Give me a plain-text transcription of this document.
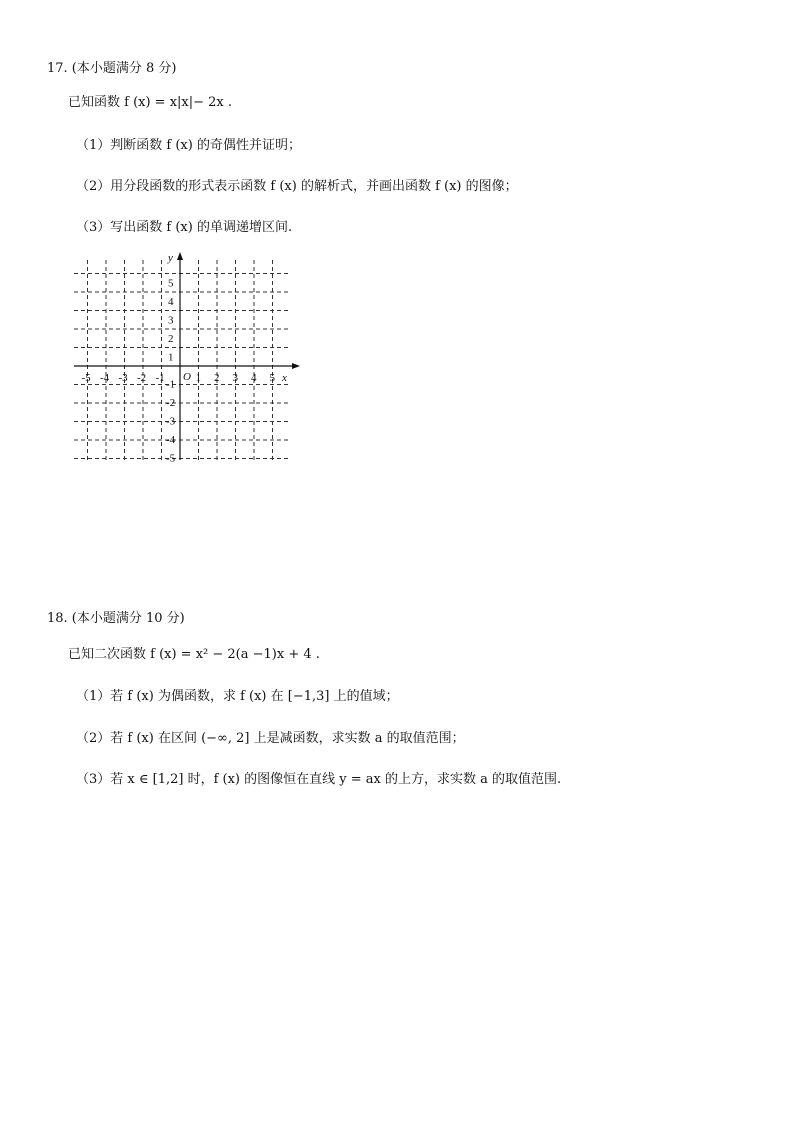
17. (本小题满分 8 分)
已知函数 f (x) = x|x|− 2x .
（1）判断函数 f (x) 的奇偶性并证明；
（2）用分段函数的形式表示函数 f (x) 的解析式，并画出函数 f (x) 的图像；
（3）写出函数 f (x) 的单调递增区间.
x
y
O
-5 -4 -3 -2 -1	1 2 3 4 5
5
4
3
2
1
-1
-2
-3
-4
-5
18. (本小题满分 10 分)
已知二次函数 f (x) = x² − 2(a −1)x + 4 .
（1）若 f (x) 为偶函数，求 f (x) 在 [−1,3] 上的值域；
（2）若 f (x) 在区间 (−∞, 2] 上是减函数，求实数 a 的取值范围；
（3）若 x ∈ [1,2] 时，f (x) 的图像恒在直线 y = ax 的上方，求实数 a 的取值范围.
